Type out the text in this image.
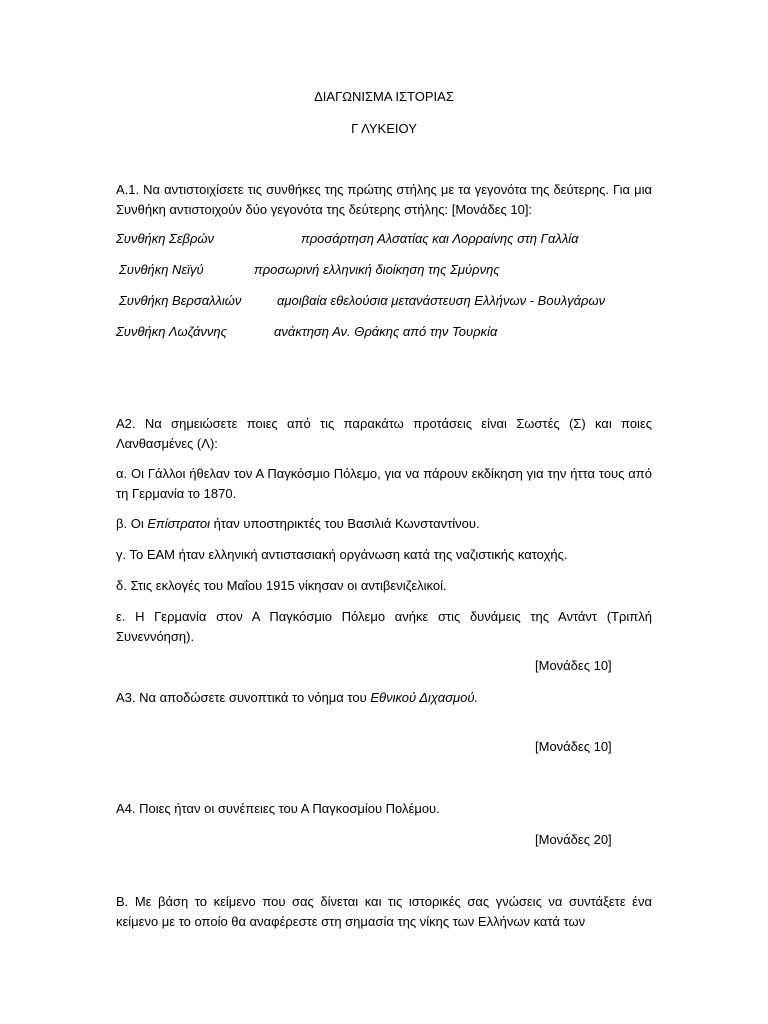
ΔΙΑΓΩΝΙΣΜΑ ΙΣΤΟΡΙΑΣ
Γ ΛΥΚΕΙΟΥ
Α.1. Να αντιστοιχίσετε τις συνθήκες της πρώτης στήλης με τα γεγονότα της δεύτερης. Για μια Συνθήκη αντιστοιχούν δύο γεγονότα της δεύτερης στήλης: [Μονάδες 10]:
Συνθήκη Σεβρών	προσάρτηση Αλσατίας και Λορραίνης στη Γαλλία
Συνθήκη Νεϊγύ	προσωρινή ελληνική διοίκηση της Σμύρνης
Συνθήκη Βερσαλλιών	αμοιβαία εθελούσια μετανάστευση Ελλήνων - Βουλγάρων
Συνθήκη Λωζάννης	ανάκτηση Αν. Θράκης από την Τουρκία
Α2. Να σημειώσετε ποιες από τις παρακάτω προτάσεις είναι Σωστές (Σ) και ποιες Λανθασμένες (Λ):
α. Οι Γάλλοι ήθελαν τον Α Παγκόσμιο Πόλεμο, για να πάρουν εκδίκηση για την ήττα τους από τη Γερμανία το 1870.
β. Οι Επίστρατοι ήταν υποστηρικτές του Βασιλιά Κωνσταντίνου.
γ. Το ΕΑΜ ήταν ελληνική αντιστασιακή οργάνωση κατά της ναζιστικής κατοχής.
δ. Στις εκλογές του Μαΐου 1915 νίκησαν οι αντιβενιζελικοί.
ε. Η Γερμανία στον Α Παγκόσμιο Πόλεμο ανήκε στις δυνάμεις της Αντάντ (Τριπλή Συνεννόηση).
[Μονάδες 10]
Α3. Να αποδώσετε συνοπτικά το νόημα του Εθνικού Διχασμού.
[Μονάδες 10]
Α4. Ποιες ήταν οι συνέπειες του Α Παγκοσμίου Πολέμου.
[Μονάδες 20]
Β. Με βάση το κείμενο που σας δίνεται και τις ιστορικές σας γνώσεις να συντάξετε ένα κείμενο με το οποίο θα αναφέρεστε στη σημασία της νίκης των Ελλήνων κατά των
